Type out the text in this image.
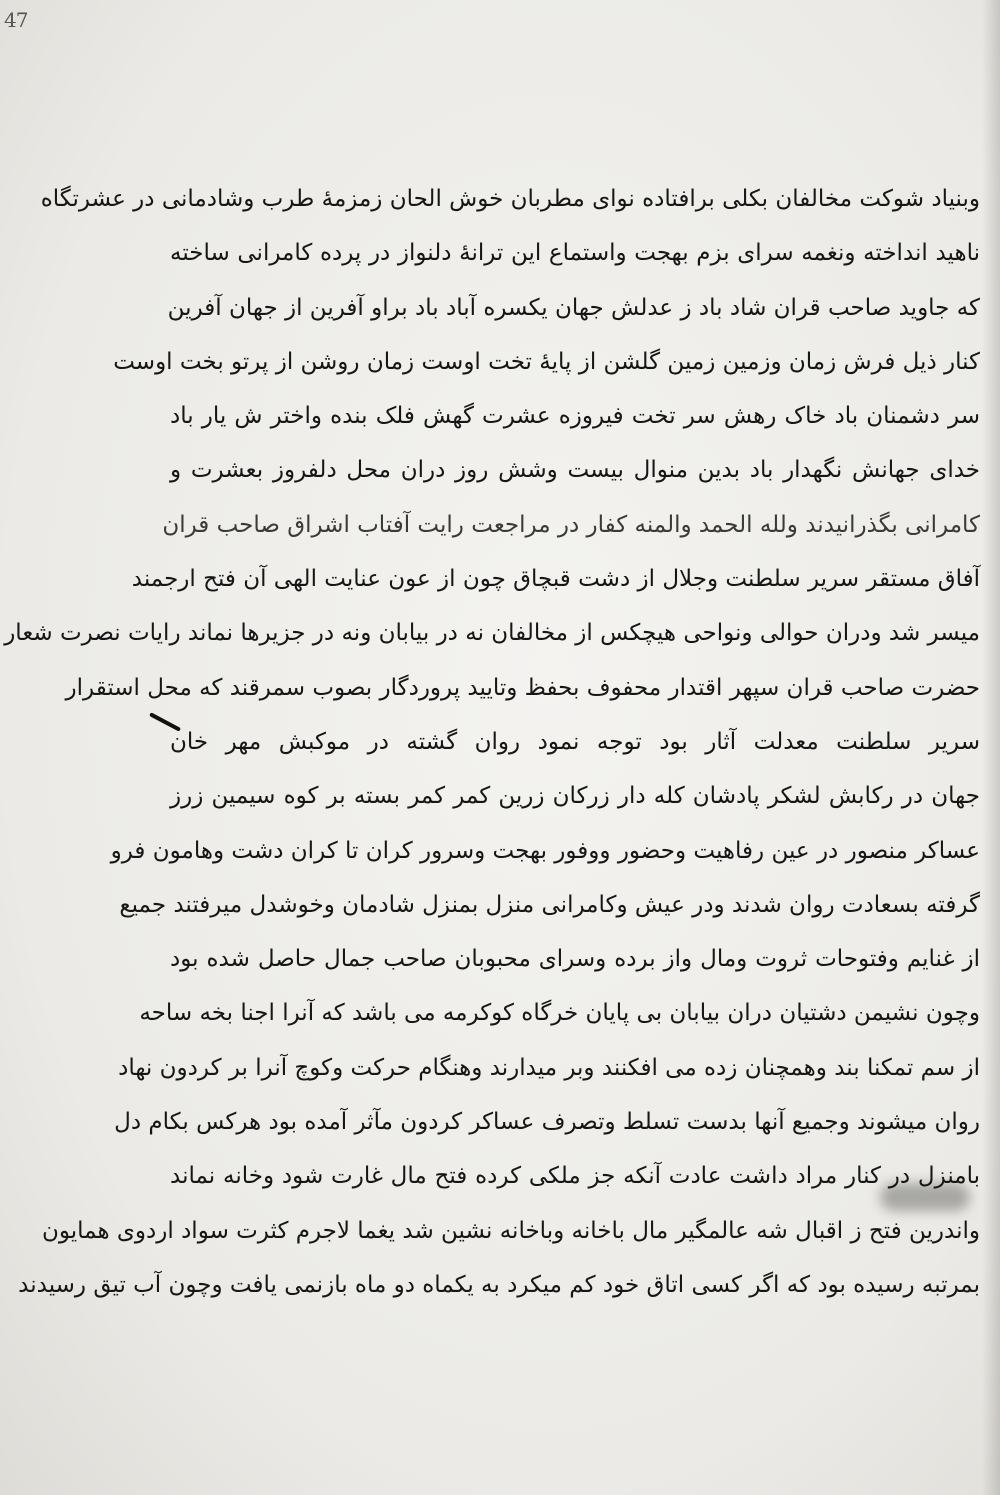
47
وبنیاد شوکت مخالفان بکلی برافتاده نوای مطربان خوش الحان زمزمهٔ طرب وشادمانی در عشرتگاه
ناهید انداخته ونغمه سرای بزم بهجت واستماع این ترانهٔ دلنواز در پرده کامرانی ساخته
که جاوید صاحب قران شاد باد ز عدلش جهان یکسره آباد باد براو آفرین از جهان آفرین
کنار ذیل فرش زمان وزمین زمین گلشن از پایهٔ تخت اوست زمان روشن از پرتو بخت اوست
سر دشمنان باد خاک رهش سر تخت فیروزه عشرت گهش فلک بنده واختر ش یار باد
خدای جهانش نگهدار باد بدین منوال بیست وشش روز دران محل دلفروز بعشرت و
کامرانی بگذرانیدند ولله الحمد والمنه کفار در مراجعت رایت آفتاب اشراق صاحب قران
آفاق مستقر سریر سلطنت وجلال از دشت قبچاق چون از عون عنایت الهی آن فتح ارجمند
میسر شد ودران حوالی ونواحی هیچکس از مخالفان نه در بیابان ونه در جزیرها نماند رایات نصرت شعار
حضرت صاحب قران سپهر اقتدار محفوف بحفظ وتایید پروردگار بصوب سمرقند که محل استقرار
سریر سلطنت معدلت آثار بود توجه نمود روان گشته در موکبش مهر خان
جهان در رکابش لشکر پادشان کله دار زرکان زرین کمر کمر بسته بر کوه سیمین زرز
عساکر منصور در عین رفاهیت وحضور ووفور بهجت وسرور کران تا کران دشت وهامون فرو
گرفته بسعادت روان شدند ودر عیش وکامرانی منزل بمنزل شادمان وخوشدل میرفتند جمیع
از غنایم وفتوحات ثروت ومال واز برده وسرای محبوبان صاحب جمال حاصل شده بود
وچون نشیمن دشتیان دران بیابان بی پایان خرگاه کوکرمه می باشد که آنرا اجنا بخه ساحه
از سم تمکنا بند وهمچنان زده می افکنند وبر میدارند وهنگام حرکت وکوچ آنرا بر کردون نهاد
روان میشوند وجمیع آنها بدست تسلط وتصرف عساکر کردون مآثر آمده بود هرکس بکام دل
بامنزل در کنار مراد داشت عادت آنکه جز ملکی کرده فتح مال غارت شود وخانه نماند
واندرین فتح ز اقبال شه عالمگیر مال باخانه وباخانه نشین شد یغما لاجرم کثرت سواد اردوی همایون
بمرتبه رسیده بود که اگر کسی اتاق خود کم میکرد به یکماه دو ماه بازنمی یافت وچون آب تیق رسیدند
